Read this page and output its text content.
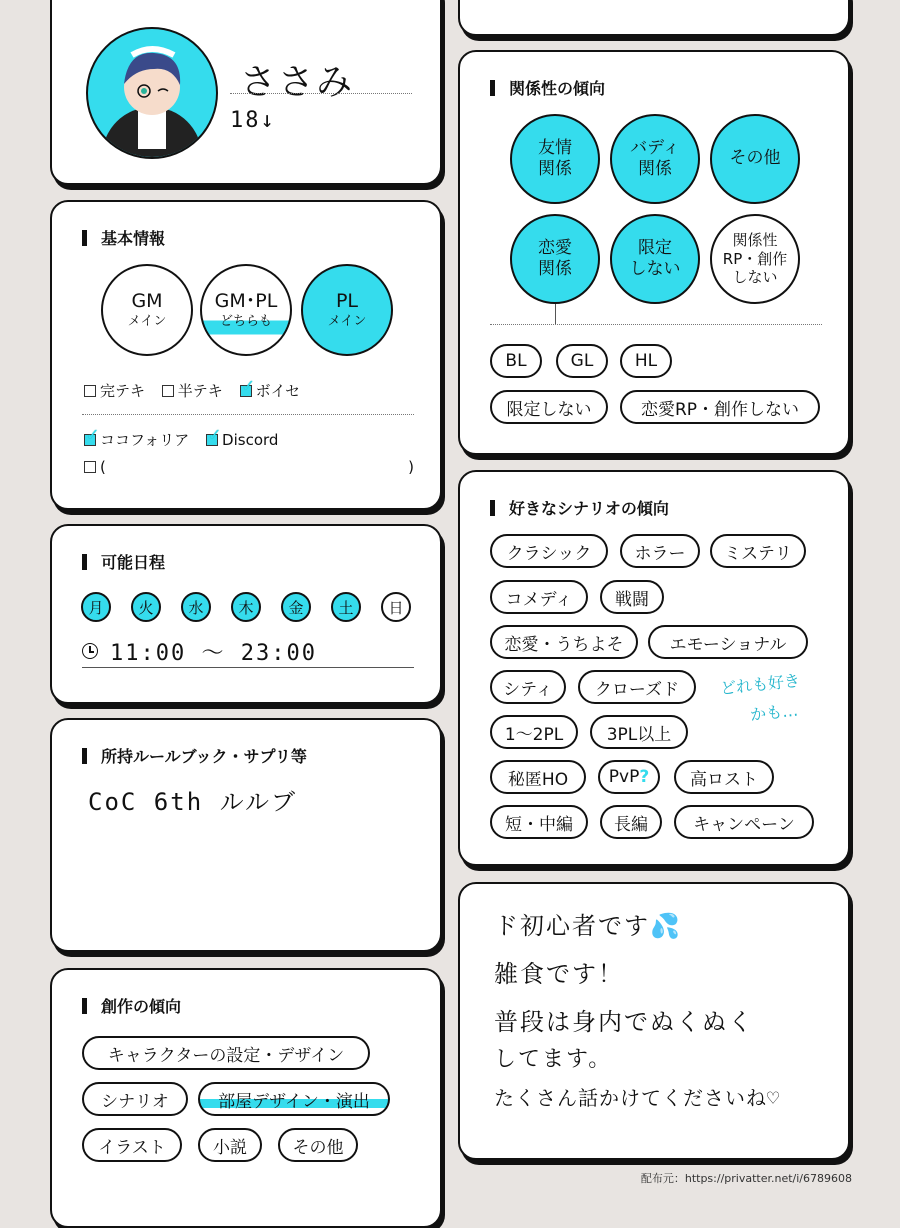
ささみ
18↓
基本情報
GM
メイン
GM･PL
どちらも
PL
メイン
完テキ 半テキ ✓ ボイセ
✓ココフォリア ✓ Discord
(	)
可能日程
月	火	水	木	金	土	日
11:00 〜 23:00
所持ルールブック・サプリ等
CoC 6th ルルブ
創作の傾向
キャラクターの設定・デザイン
シナリオ	部屋デザイン・演出
イラスト	小説	その他
関係性の傾向
友情
関係
バディ
関係
その他
恋愛
関係
限定
しない
関係性
RP・創作
しない
BL	GL	HL
限定しない	恋愛RP・創作しない
好きなシナリオの傾向
クラシック	ホラー	ミステリ
コメディ	戦闘
恋愛・うちよそ	エモーショナル
シティ	クローズド
1〜2PL	3PL以上
秘匿HO	PvP ?	高ロスト
短・中編	長編	キャンペーン
どれも好き
かも…
ド初心者です💦
雑食です！
普段は身内でぬくぬく
してます。
たくさん話かけてくださいね♡
配布元：https://privatter.net/i/6789608
